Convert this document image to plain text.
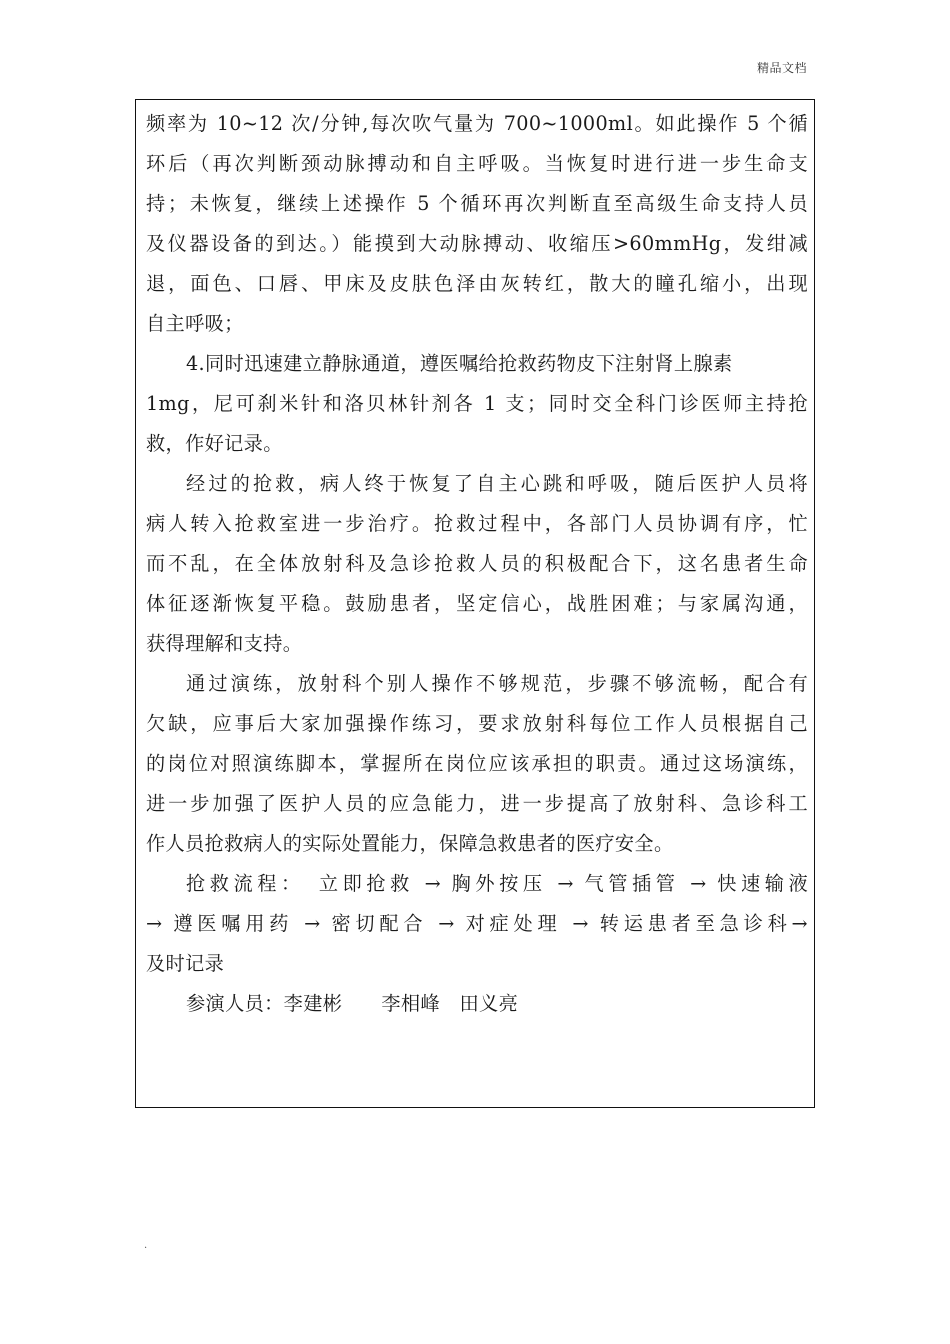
精品文档
频率为 10~12 次/分钟,每次吹气量为 700~1000ml。如此操作 5 个循
环后（再次判断颈动脉搏动和自主呼吸。当恢复时进行进一步生命支
持；未恢复，继续上述操作 5 个循环再次判断直至高级生命支持人员
及仪器设备的到达。）能摸到大动脉搏动、收缩压>60mmHg，发绀减
退，面色、口唇、甲床及皮肤色泽由灰转红，散大的瞳孔缩小，出现
自主呼吸；
4.同时迅速建立静脉通道，遵医嘱给抢救药物皮下注射肾上腺素
1mg，尼可刹米针和洛贝林针剂各 1 支；同时交全科门诊医师主持抢
救，作好记录。
经过的抢救，病人终于恢复了自主心跳和呼吸，随后医护人员将
病人转入抢救室进一步治疗。抢救过程中，各部门人员协调有序，忙
而不乱，在全体放射科及急诊抢救人员的积极配合下，这名患者生命
体征逐渐恢复平稳。鼓励患者，坚定信心，战胜困难；与家属沟通，
获得理解和支持。
通过演练，放射科个别人操作不够规范，步骤不够流畅，配合有
欠缺，应事后大家加强操作练习，要求放射科每位工作人员根据自己
的岗位对照演练脚本，掌握所在岗位应该承担的职责。通过这场演练，
进一步加强了医护人员的应急能力，进一步提高了放射科、急诊科工
作人员抢救病人的实际处置能力，保障急救患者的医疗安全。
抢救流程：　立即抢救 → 胸外按压 → 气管插管 → 快速输液
→ 遵医嘱用药 → 密切配合 → 对症处理 → 转运患者至急诊科→
及时记录
参演人员：李建彬　　李相峰　田义亮
.
